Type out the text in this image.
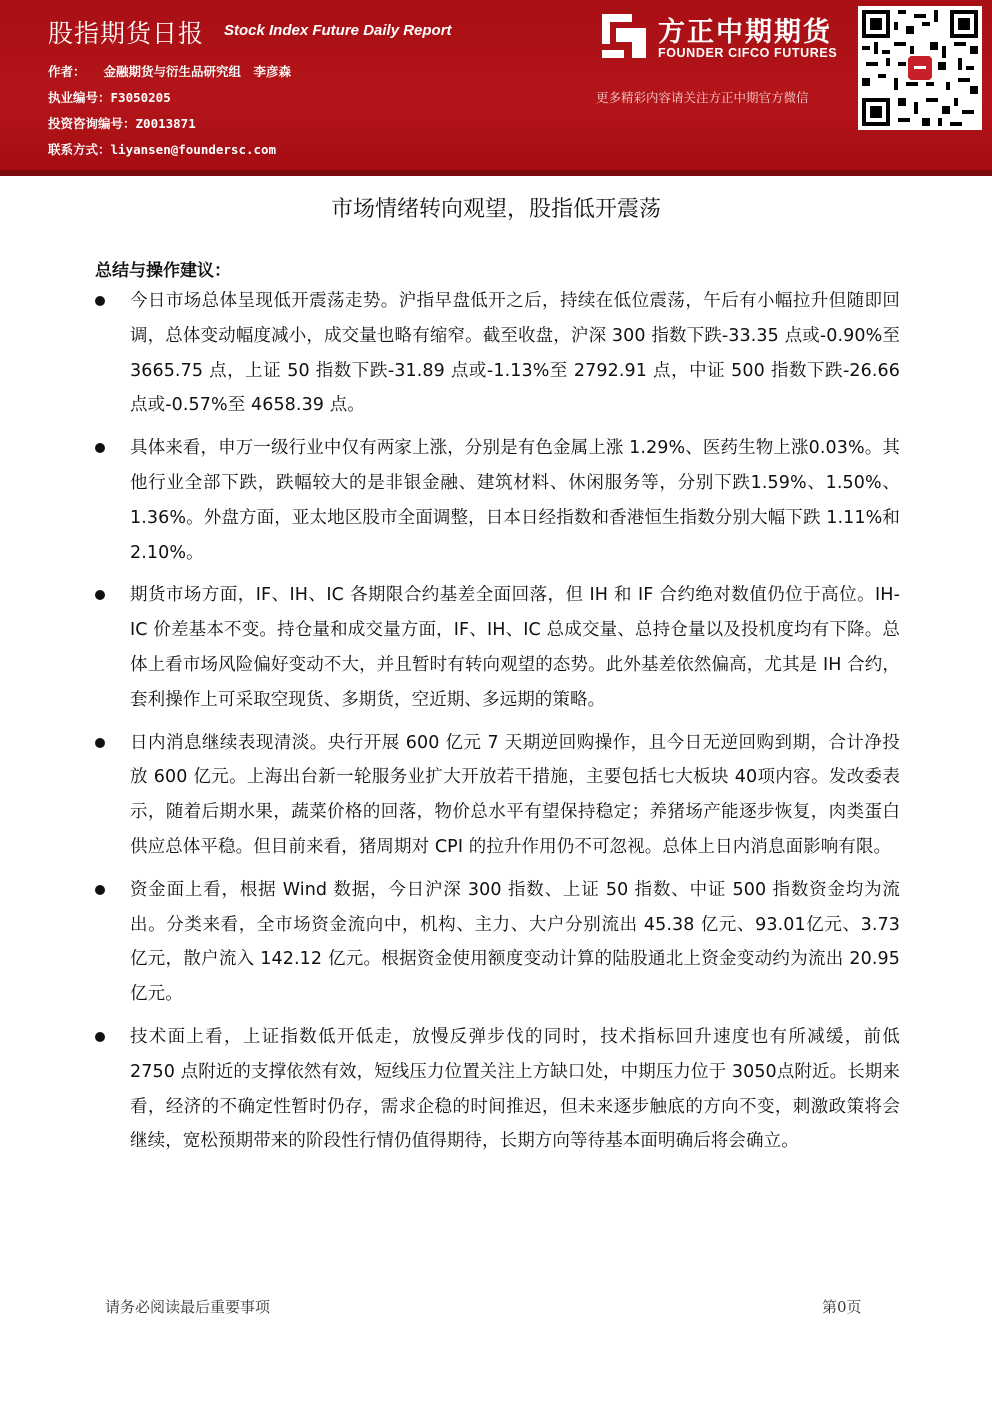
股指期货日报 Stock Index Future Daily Report
作者： 金融期货与衍生品研究组　李彦森
执业编号：F3050205
投资咨询编号：Z0013871
联系方式：liyansen@foundersc.com
方正中期期货
FOUNDER CIFCO FUTURES
更多精彩内容请关注方正中期官方微信
市场情绪转向观望，股指低开震荡
总结与操作建议：
今日市场总体呈现低开震荡走势。沪指早盘低开之后，持续在低位震荡，午后有小幅拉升但随即回调，总体变动幅度减小，成交量也略有缩窄。截至收盘，沪深 300 指数下跌-33.35 点或-0.90%至 3665.75 点，上证 50 指数下跌-31.89 点或-1.13%至 2792.91 点，中证 500 指数下跌-26.66 点或-0.57%至 4658.39 点。
具体来看，申万一级行业中仅有两家上涨，分别是有色金属上涨 1.29%、医药生物上涨0.03%。其他行业全部下跌，跌幅较大的是非银金融、建筑材料、休闲服务等，分别下跌1.59%、1.50%、1.36%。外盘方面，亚太地区股市全面调整，日本日经指数和香港恒生指数分别大幅下跌 1.11%和 2.10%。
期货市场方面，IF、IH、IC 各期限合约基差全面回落，但 IH 和 IF 合约绝对数值仍位于高位。IH-IC 价差基本不变。持仓量和成交量方面，IF、IH、IC 总成交量、总持仓量以及投机度均有下降。总体上看市场风险偏好变动不大，并且暂时有转向观望的态势。此外基差依然偏高，尤其是 IH 合约，套利操作上可采取空现货、多期货，空近期、多远期的策略。
日内消息继续表现清淡。央行开展 600 亿元 7 天期逆回购操作，且今日无逆回购到期，合计净投放 600 亿元。上海出台新一轮服务业扩大开放若干措施，主要包括七大板块 40项内容。发改委表示，随着后期水果，蔬菜价格的回落，物价总水平有望保持稳定；养猪场产能逐步恢复，肉类蛋白供应总体平稳。但目前来看，猪周期对 CPI 的拉升作用仍不可忽视。总体上日内消息面影响有限。
资金面上看，根据 Wind 数据，今日沪深 300 指数、上证 50 指数、中证 500 指数资金均为流出。分类来看，全市场资金流向中，机构、主力、大户分别流出 45.38 亿元、93.01亿元、3.73 亿元，散户流入 142.12 亿元。根据资金使用额度变动计算的陆股通北上资金变动约为流出 20.95 亿元。
技术面上看，上证指数低开低走，放慢反弹步伐的同时，技术指标回升速度也有所减缓，前低 2750 点附近的支撑依然有效，短线压力位置关注上方缺口处，中期压力位于 3050点附近。长期来看，经济的不确定性暂时仍存，需求企稳的时间推迟，但未来逐步触底的方向不变，刺激政策将会继续，宽松预期带来的阶段性行情仍值得期待，长期方向等待基本面明确后将会确立。
请务必阅读最后重要事项	第0页
